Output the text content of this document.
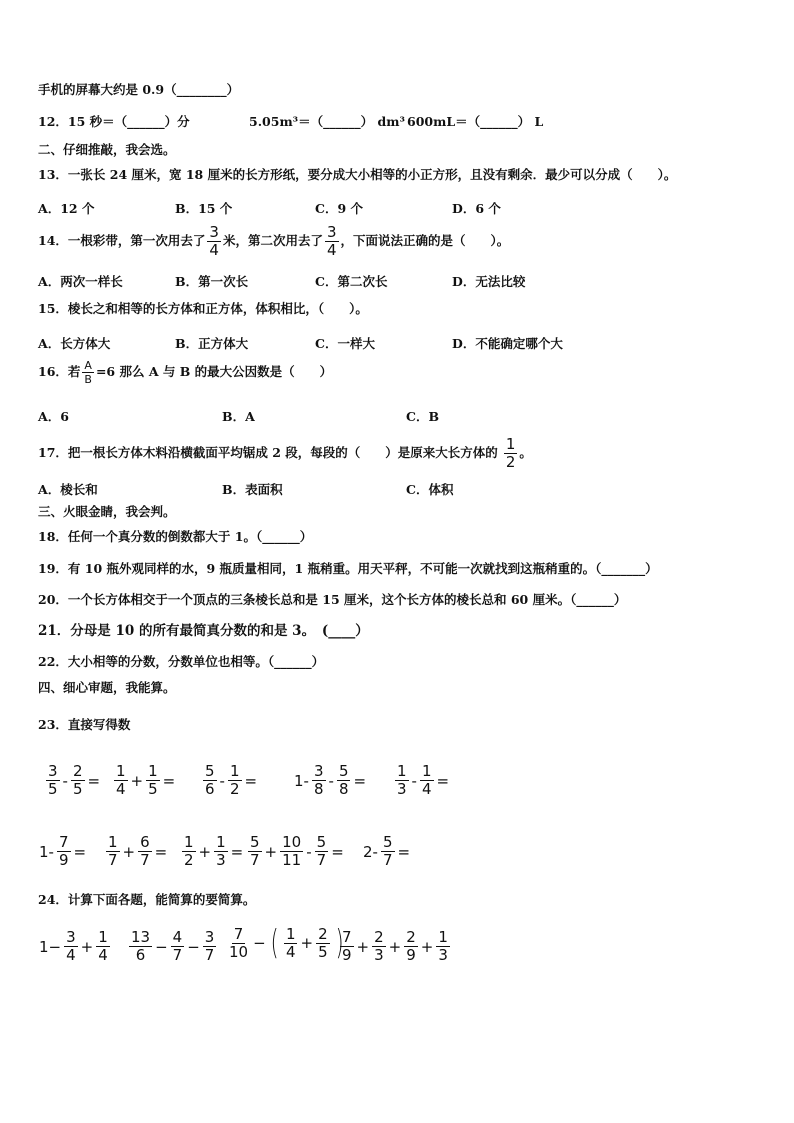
手机的屏幕大约是 0.9（________）
12．15 秒＝（______）分	5.05m³＝（______） dm³ 600mL＝（______） L
二、仔细推敲，我会选。
13．一张长 24 厘米，宽 18 厘米的长方形纸，要分成大小相等的小正方形，且没有剩余．最少可以分成（　　）。
A．12 个	B．15 个	C．9 个	D．6 个
14．一根彩带，第一次用去了 $\frac{3}{4}$ 米，第二次用去了 $\frac{3}{4}$ ，下面说法正确的是（　　）。
A．两次一样长	B．第一次长	C．第二次长	D．无法比较
15．棱长之和相等的长方体和正方体，体积相比，（　　）。
A．长方体大	B．正方体大	C．一样大	D．不能确定哪个大
16．若 $\frac{A}{B} =6$ 那么 A 与 B 的最大公因数是（　　）
A．6	B．A	C．B
17．把一根长方体木料沿横截面平均锯成 2 段，每段的（　　）是原来大长方体的 $\frac{1}{2}$ 。
A．棱长和	B．表面积	C．体积
三、火眼金睛，我会判。
18．任何一个真分数的倒数都大于 1。（______）
19．有 10 瓶外观同样的水，9 瓶质量相同，1 瓶稍重。用天平秤，不可能一次就找到这瓶稍重的。（_______）
20．一个长方体相交于一个顶点的三条棱长总和是 15 厘米，这个长方体的棱长总和 60 厘米。（______）
21．分母是 10 的所有最简真分数的和是 3。　(____）
22．大小相等的分数，分数单位也相等。（______）
四、细心审题，我能算。
23．直接写得数
$\frac{3}{5} - \frac{2}{5} = \frac{1}{4} + \frac{1}{5} = \frac{5}{6} - \frac{1}{2} = 1- \frac{3}{8} - \frac{5}{8} = \frac{1}{3} - \frac{1}{4}$ =
$1- \frac{7}{9} = \frac{1}{7} + \frac{6}{7} = \frac{1}{2} + \frac{1}{3} = \frac{5}{7} + \frac{10}{11} - \frac{5}{7} = 2- \frac{5}{7}$ =
24．计算下面各题，能简算的要简算。
$1- \frac{3}{4} + \frac{1}{4} \frac{13}{6} - \frac{4}{7} - \frac{3}{7} \frac{7}{10}$ − ( $\frac{1}{4} + \frac{2}{5}$ )
$\frac{7}{9} + \frac{2}{3} + \frac{2}{9} + \frac{1}{3}$
